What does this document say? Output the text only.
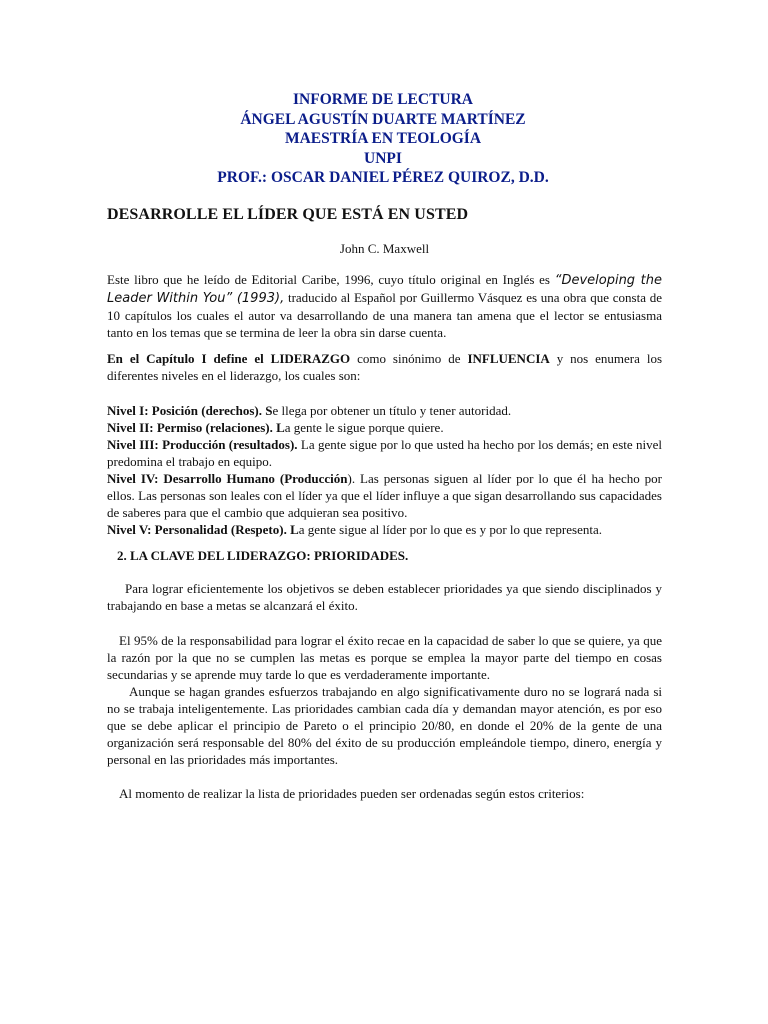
INFORME DE LECTURA
ÁNGEL AGUSTÍN DUARTE MARTÍNEZ
MAESTRÍA EN TEOLOGÍA
UNPI
PROF.: OSCAR DANIEL PÉREZ QUIROZ, D.D.
DESARROLLE EL LÍDER QUE ESTÁ EN USTED
John C. Maxwell

Este libro que he leído de Editorial Caribe, 1996, cuyo título original en Inglés es “Developing the Leader Within You” (1993), traducido al Español por Guillermo Vásquez es una obra que consta de 10 capítulos los cuales el autor va desarrollando de una manera tan amena que el lector se entusiasma tanto en los temas que se termina de leer la obra sin darse cuenta.

En el Capítulo I define el LIDERAZGO como sinónimo de INFLUENCIA y nos enumera los diferentes niveles en el liderazgo, los cuales son:

Nivel I: Posición (derechos). Se llega por obtener un título y tener autoridad.

Nivel II: Permiso (relaciones). La gente le sigue porque quiere.

Nivel III: Producción (resultados). La gente sigue por lo que usted ha hecho por los demás; en este nivel predomina el trabajo en equipo.

Nivel IV: Desarrollo Humano (Producción). Las personas siguen al líder por lo que él ha hecho por ellos. Las personas son leales con el líder ya que el líder influye a que sigan desarrollando sus capacidades de saberes para que el cambio que adquieran sea positivo.

Nivel V: Personalidad (Respeto). La gente sigue al líder por lo que es y por lo que representa.

2. LA CLAVE DEL LIDERAZGO: PRIORIDADES.

Para lograr eficientemente los objetivos se deben establecer prioridades ya que siendo disciplinados y trabajando en base a metas se alcanzará el éxito.

El 95% de la responsabilidad para lograr el éxito recae en la capacidad de saber lo que se quiere, ya que la razón por la que no se cumplen las metas es porque se emplea la mayor parte del tiempo en cosas secundarias y se aprende muy tarde lo que es verdaderamente importante.

Aunque se hagan grandes esfuerzos trabajando en algo significativamente duro no se logrará nada si no se trabaja inteligentemente. Las prioridades cambian cada día y demandan mayor atención, es por eso que se debe aplicar el principio de Pareto o el principio 20/80, en donde el 20% de la gente de una organización será responsable del 80% del éxito de su producción empleándole tiempo, dinero, energía y personal en las prioridades más importantes.

Al momento de realizar la lista de prioridades pueden ser ordenadas según estos criterios:
